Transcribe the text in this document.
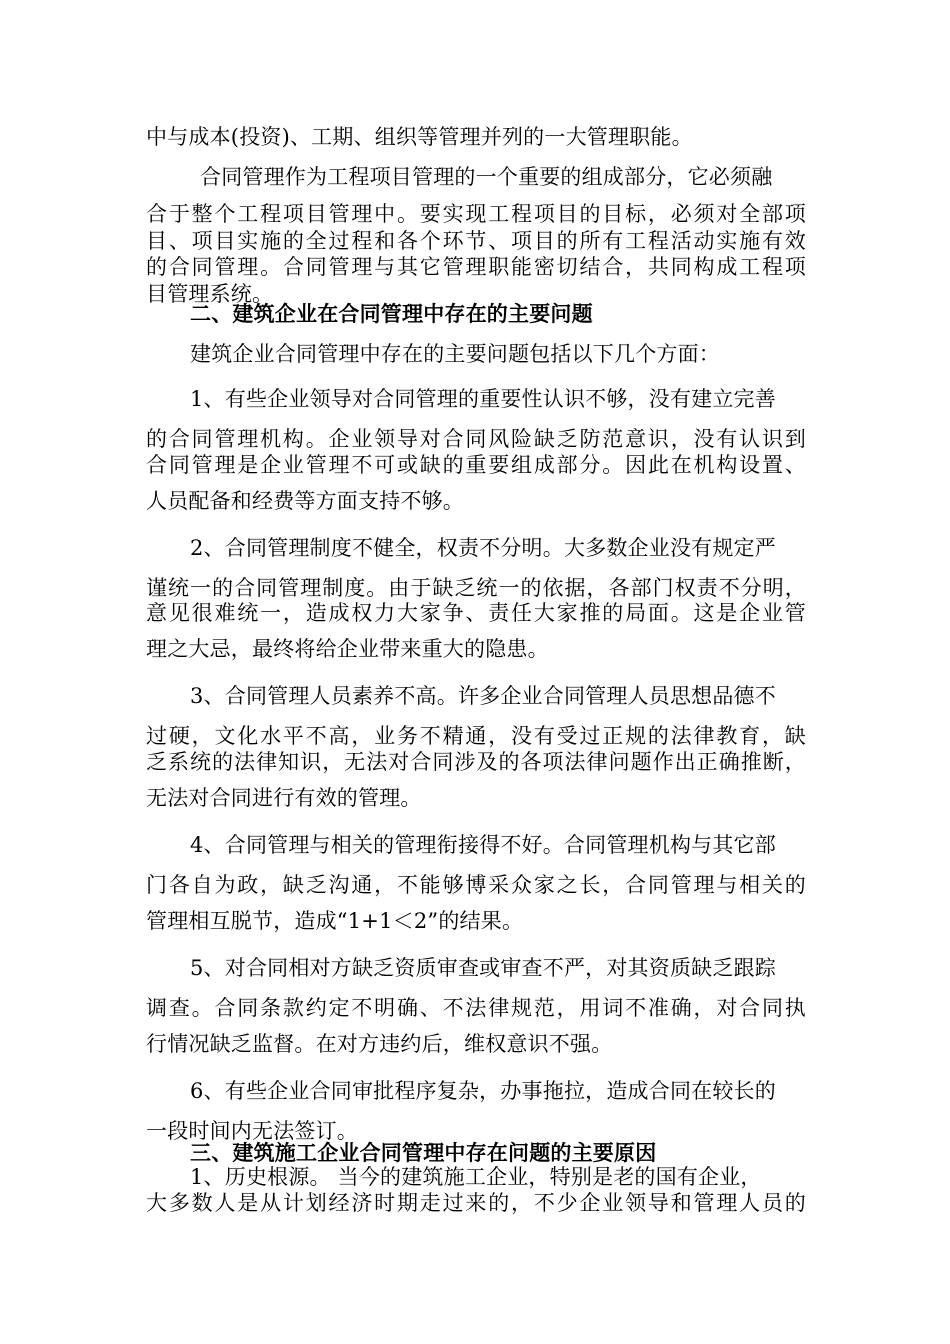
中与成本(投资)、工期、组织等管理并列的一大管理职能。
合同管理作为工程项目管理的一个重要的组成部分，它必须融
合于整个工程项目管理中。要实现工程项目的目标，必须对全部项
目、项目实施的全过程和各个环节、项目的所有工程活动实施有效
的合同管理。合同管理与其它管理职能密切结合，共同构成工程项
目管理系统。
二、建筑企业在合同管理中存在的主要问题
建筑企业合同管理中存在的主要问题包括以下几个方面：
1、有些企业领导对合同管理的重要性认识不够，没有建立完善
的合同管理机构。企业领导对合同风险缺乏防范意识，没有认识到
合同管理是企业管理不可或缺的重要组成部分。因此在机构设置、
人员配备和经费等方面支持不够。
2、合同管理制度不健全，权责不分明。大多数企业没有规定严
谨统一的合同管理制度。由于缺乏统一的依据，各部门权责不分明，
意见很难统一，造成权力大家争、责任大家推的局面。这是企业管
理之大忌，最终将给企业带来重大的隐患。
3、合同管理人员素养不高。许多企业合同管理人员思想品德不
过硬，文化水平不高，业务不精通，没有受过正规的法律教育，缺
乏系统的法律知识，无法对合同涉及的各项法律问题作出正确推断，
无法对合同进行有效的管理。
4、合同管理与相关的管理衔接得不好。合同管理机构与其它部
门各自为政，缺乏沟通，不能够博采众家之长，合同管理与相关的
管理相互脱节，造成“1+1＜2”的结果。
5、对合同相对方缺乏资质审查或审查不严，对其资质缺乏跟踪
调查。合同条款约定不明确、不法律规范，用词不准确，对合同执
行情况缺乏监督。在对方违约后，维权意识不强。
6、有些企业合同审批程序复杂，办事拖拉，造成合同在较长的
一段时间内无法签订。
三、建筑施工企业合同管理中存在问题的主要原因
1、历史根源。 当今的建筑施工企业，特别是老的国有企业，
大多数人是从计划经济时期走过来的，不少企业领导和管理人员的
